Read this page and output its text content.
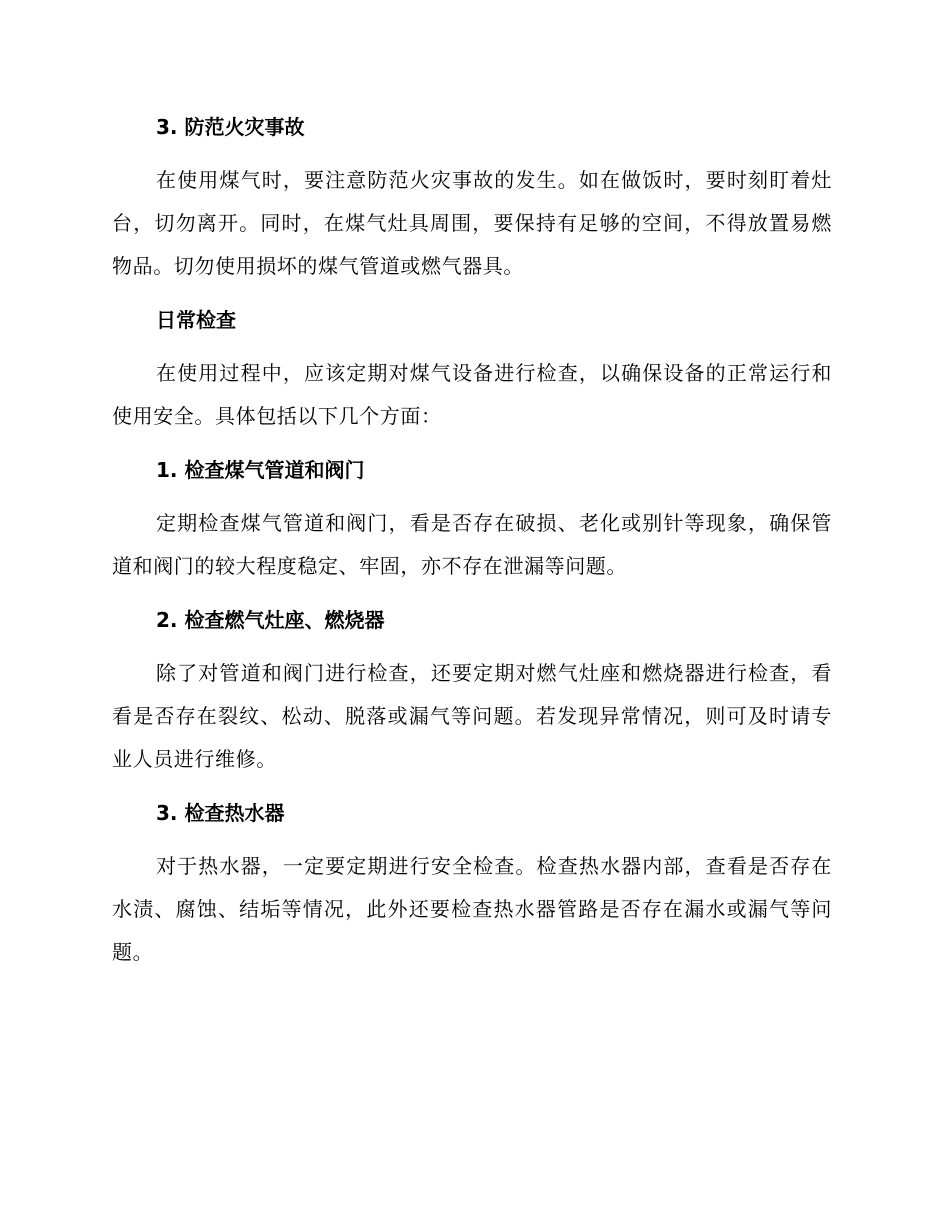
3. 防范火灾事故

在使用煤气时，要注意防范火灾事故的发生。如在做饭时，要时刻盯着灶台，切勿离开。同时，在煤气灶具周围，要保持有足够的空间，不得放置易燃物品。切勿使用损坏的煤气管道或燃气器具。

日常检查

在使用过程中，应该定期对煤气设备进行检查，以确保设备的正常运行和使用安全。具体包括以下几个方面：

1. 检查煤气管道和阀门

定期检查煤气管道和阀门，看是否存在破损、老化或别针等现象，确保管道和阀门的较大程度稳定、牢固，亦不存在泄漏等问题。

2. 检查燃气灶座、燃烧器

除了对管道和阀门进行检查，还要定期对燃气灶座和燃烧器进行检查，看看是否存在裂纹、松动、脱落或漏气等问题。若发现异常情况，则可及时请专业人员进行维修。

3. 检查热水器

对于热水器，一定要定期进行安全检查。检查热水器内部，查看是否存在水渍、腐蚀、结垢等情况，此外还要检查热水器管路是否存在漏水或漏气等问题。
